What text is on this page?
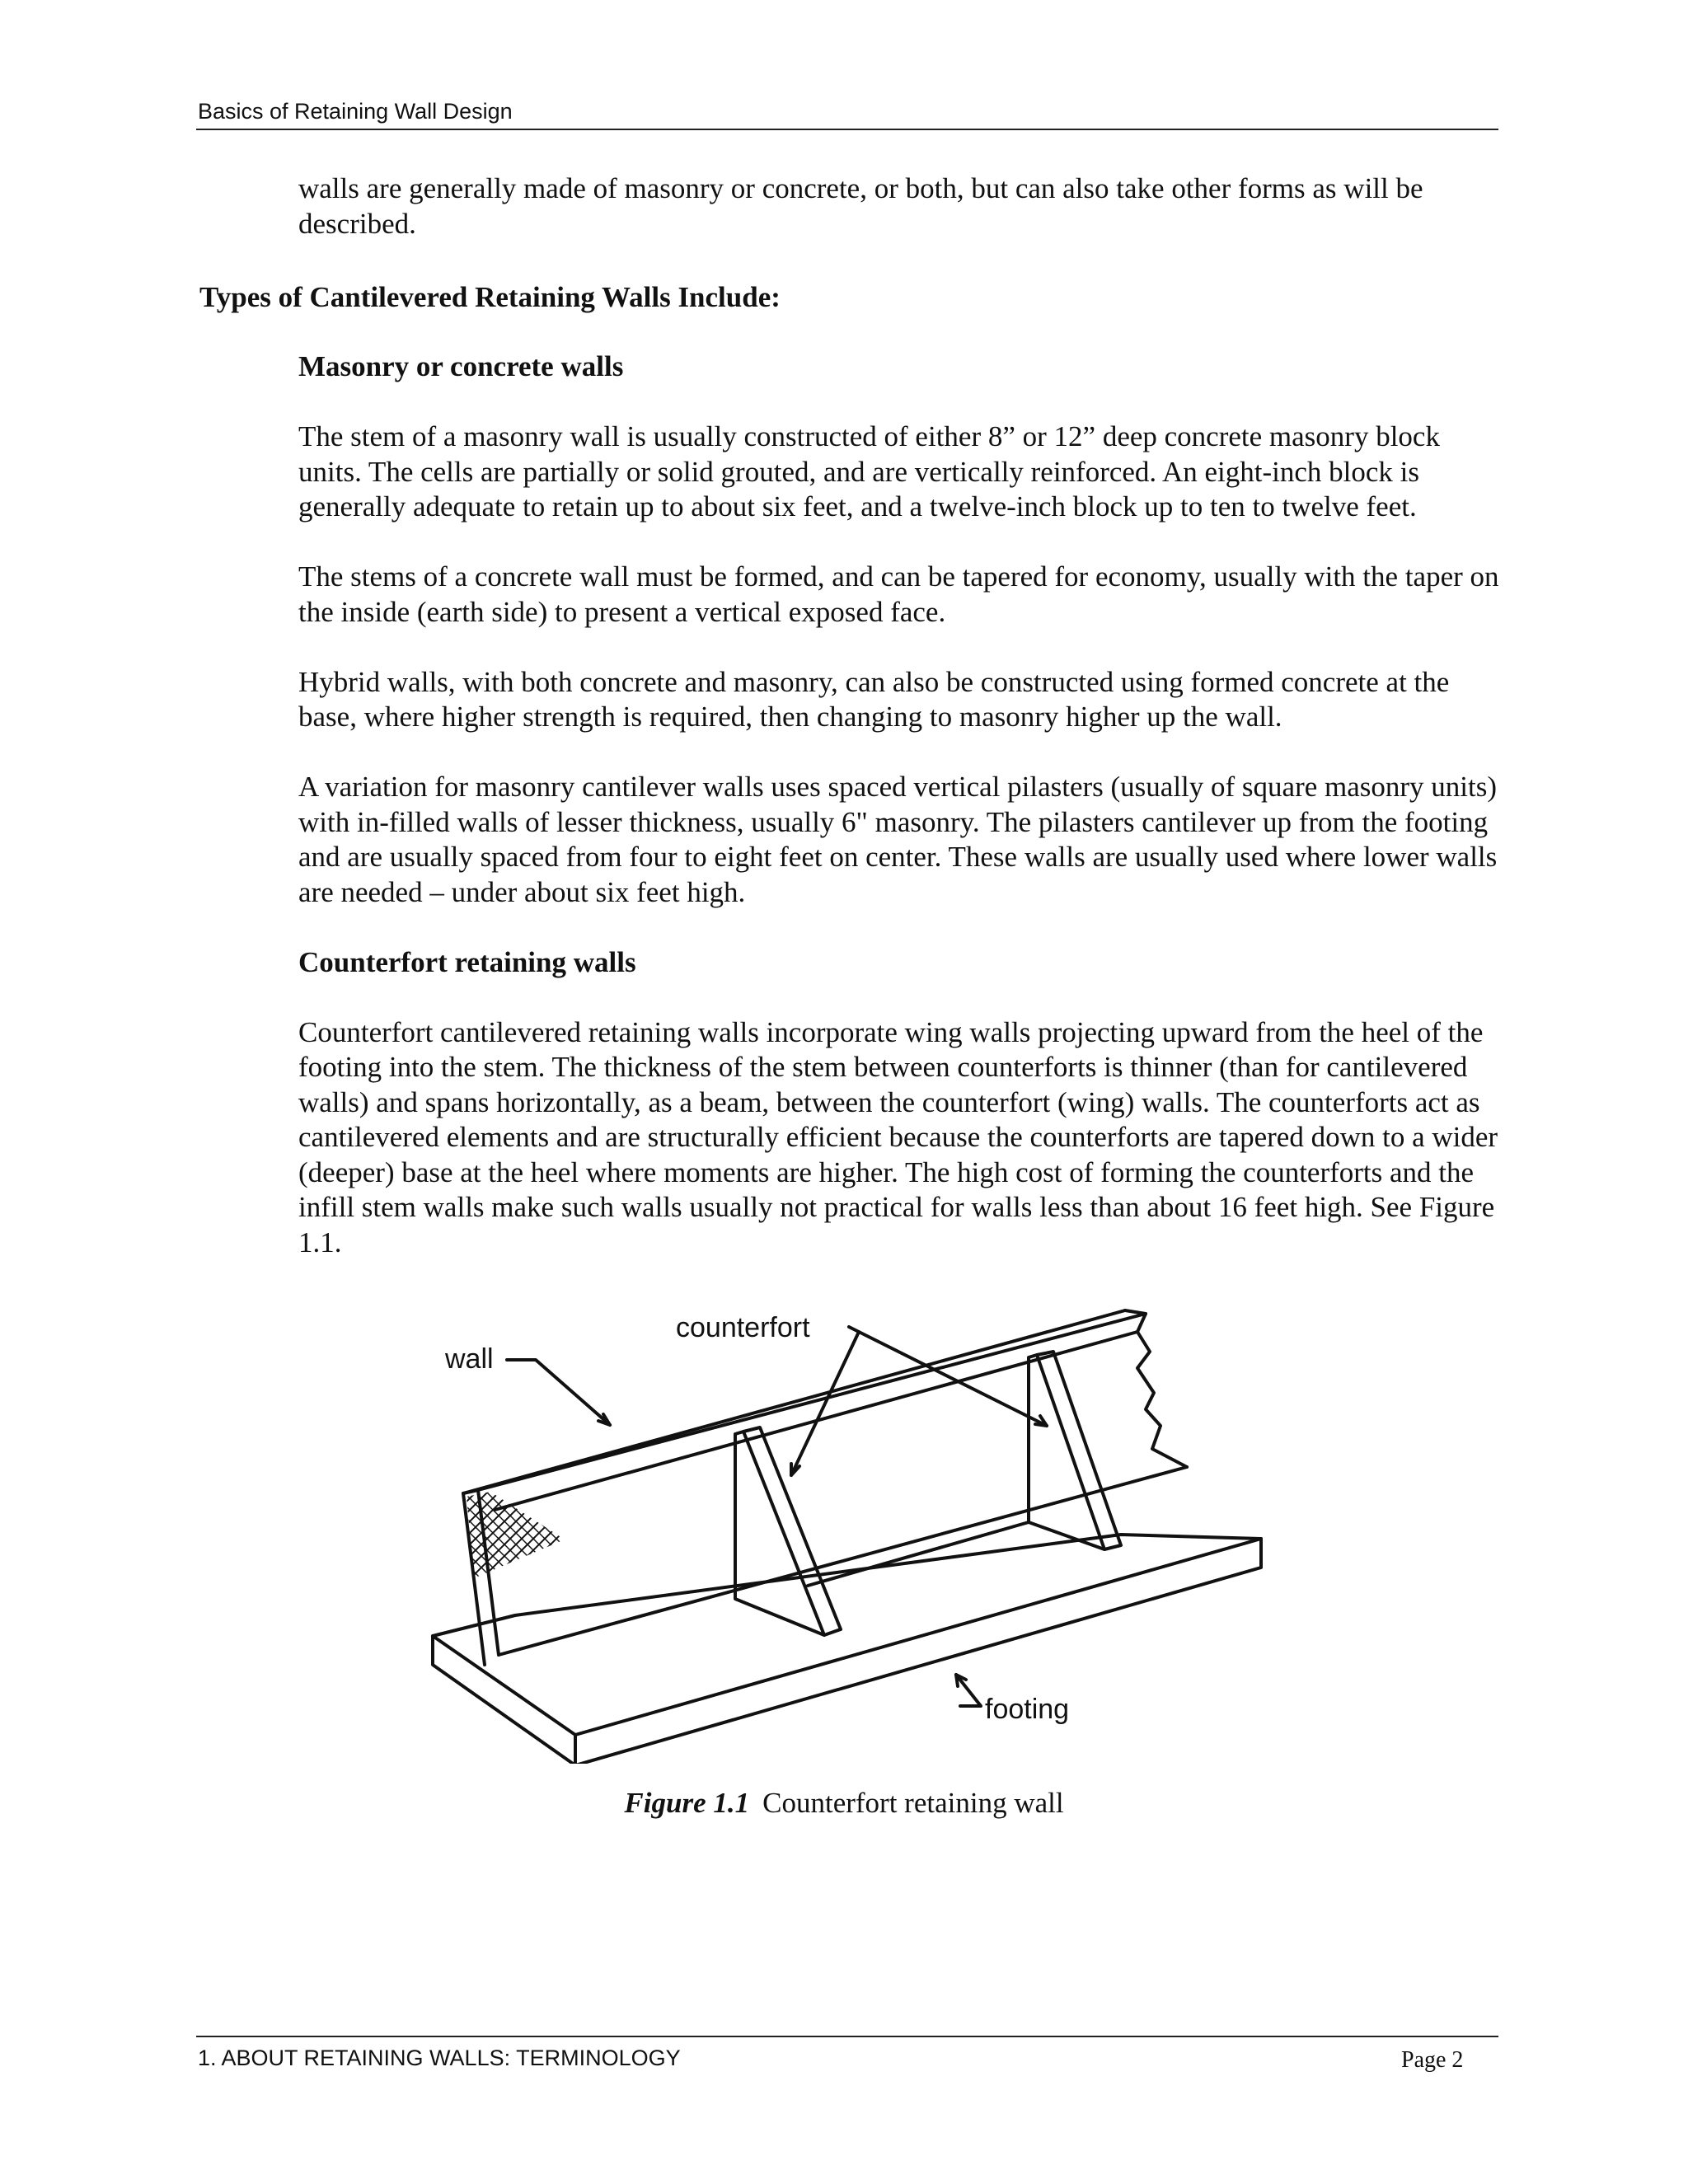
Basics of Retaining Wall Design
walls are generally made of masonry or concrete, or both, but can also take other forms as will be described.
Types of Cantilevered Retaining Walls Include:

Masonry or concrete walls

The stem of a masonry wall is usually constructed of either 8” or 12” deep concrete masonry block units. The cells are partially or solid grouted, and are vertically reinforced. An eight-inch block is generally adequate to retain up to about six feet, and a twelve-inch block up to ten to twelve feet.

The stems of a concrete wall must be formed, and can be tapered for economy, usually with the taper on the inside (earth side) to present a vertical exposed face.

Hybrid walls, with both concrete and masonry, can also be constructed using formed concrete at the base, where higher strength is required, then changing to masonry higher up the wall.

A variation for masonry cantilever walls uses spaced vertical pilasters (usually of square masonry units) with in-filled walls of lesser thickness, usually 6" masonry. The pilasters cantilever up from the footing and are usually spaced from four to eight feet on center. These walls are usually used where lower walls are needed – under about six feet high.

Counterfort retaining walls

Counterfort cantilevered retaining walls incorporate wing walls projecting upward from the heel of the footing into the stem. The thickness of the stem between counterforts is thinner (than for cantilevered walls) and spans horizontally, as a beam, between the counterfort (wing) walls. The counterforts act as cantilevered elements and are structurally efficient because the counterforts are tapered down to a wider (deeper) base at the heel where moments are higher. The high cost of forming the counterforts and the infill stem walls make such walls usually not practical for walls less than about 16 feet high. See Figure 1.1.

counterfort
wall
footing
Figure 1.1 Counterfort retaining wall
1. ABOUT RETAINING WALLS: TERMINOLOGY	Page 2
